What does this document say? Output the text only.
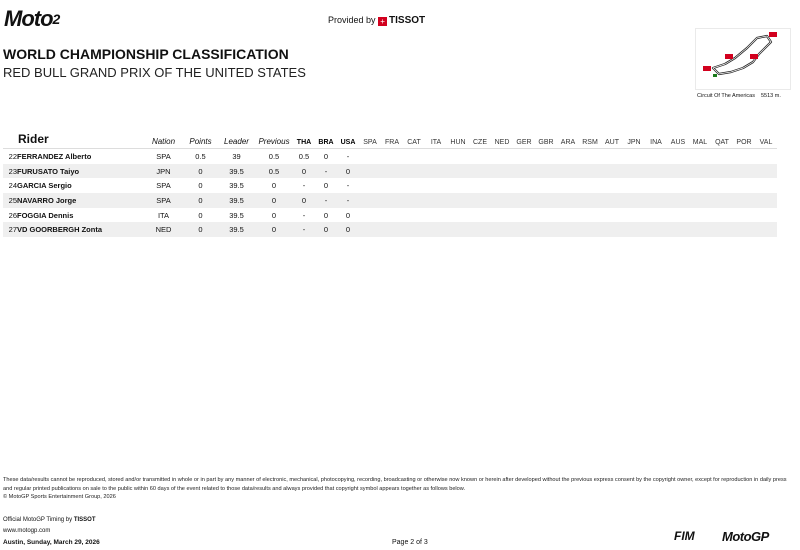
Moto$^2$	Provided by + TISSOT
WORLD CHAMPIONSHIP CLASSIFICATION
RED BULL GRAND PRIX OF THE UNITED STATES
Circuit Of The Americas 5513 m.
Rider		Nation	Points	Leader	Previous	THA	BRA	USA	SPA	FRA	CAT	ITA	HUN	CZE	NED	GER	GBR	ARA	RSM	AUT	JPN	INA	AUS	MAL	QAT	POR	VAL
22	FERRANDEZ Alberto	SPA	0.5	39	0.5	0.5	0	-																			
23	FURUSATO Taiyo	JPN	0	39.5	0.5	0	-	0																			
24	GARCIA Sergio	SPA	0	39.5	0	-	0	-																			
25	NAVARRO Jorge	SPA	0	39.5	0	0	-	-																			
26	FOGGIA Dennis	ITA	0	39.5	0	-	0	0																			
27	VD GOORBERGH Zonta	NED	0	39.5	0	-	0	0																			
These data/results cannot be reproduced, stored and/or transmitted in whole or in part by any manner of electronic, mechanical, photocopying, recording, broadcasting or otherwise now known or herein after developed without the previous express consent by the copyright owner, except for reproduction in daily press and regular printed publications on sale to the public within 60 days of the event related to those data/results and always provided that copyright symbol appears together as follows below.
© MotoGP Sports Entertainment Group, 2026
Official MotoGP Timing by TISSOT
www.motogp.com
Austin, Sunday, March 29, 2026	Page 2 of 3	FIM MotoGP
